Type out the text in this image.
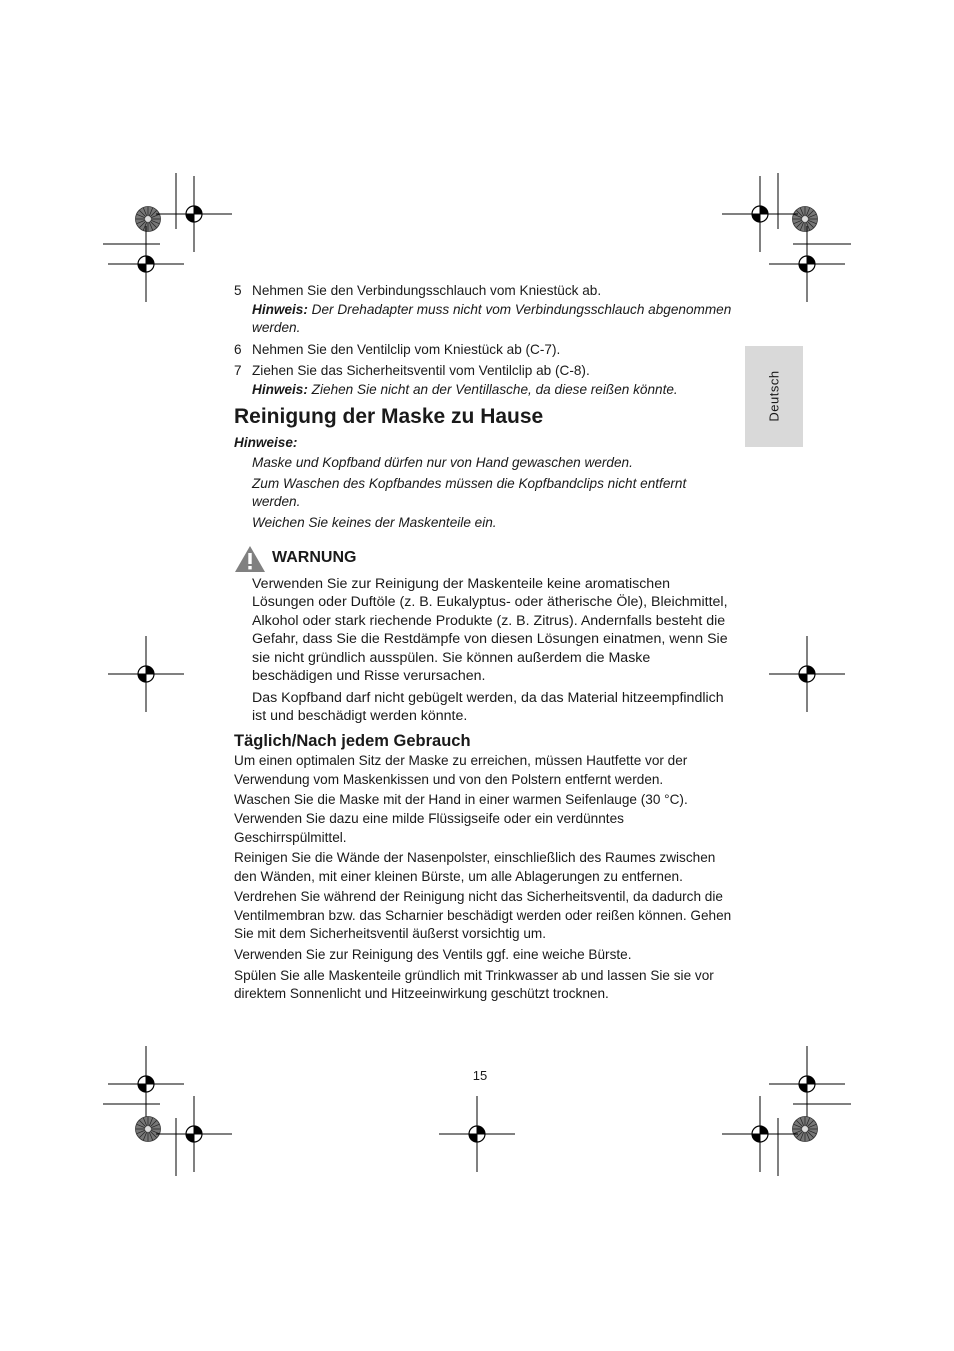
Deutsch
5 Nehmen Sie den Verbindungsschlauch vom Kniestück ab.
Hinweis: Der Drehadapter muss nicht vom Verbindungsschlauch abgenommen werden.
6 Nehmen Sie den Ventilclip vom Kniestück ab (C-7).
7 Ziehen Sie das Sicherheitsventil vom Ventilclip ab (C-8).
Hinweis: Ziehen Sie nicht an der Ventillasche, da diese reißen könnte.
Reinigung der Maske zu Hause
Hinweise:

Maske und Kopfband dürfen nur von Hand gewaschen werden.

Zum Waschen des Kopfbandes müssen die Kopfbandclips nicht entfernt werden.

Weichen Sie keines der Maskenteile ein.

WARNUNG

Verwenden Sie zur Reinigung der Maskenteile keine aromatischen Lösungen oder Duftöle (z. B. Eukalyptus- oder ätherische Öle), Bleichmittel, Alkohol oder stark riechende Produkte (z. B. Zitrus). Andernfalls besteht die Gefahr, dass Sie die Restdämpfe von diesen Lösungen einatmen, wenn Sie sie nicht gründlich ausspülen. Sie können außerdem die Maske beschädigen und Risse verursachen.

Das Kopfband darf nicht gebügelt werden, da das Material hitzeempfindlich ist und beschädigt werden könnte.

Täglich/Nach jedem Gebrauch

Um einen optimalen Sitz der Maske zu erreichen, müssen Hautfette vor der Verwendung vom Maskenkissen und von den Polstern entfernt werden.

Waschen Sie die Maske mit der Hand in einer warmen Seifenlauge (30 °C). Verwenden Sie dazu eine milde Flüssigseife oder ein verdünntes Geschirrspülmittel.

Reinigen Sie die Wände der Nasenpolster, einschließlich des Raumes zwischen den Wänden, mit einer kleinen Bürste, um alle Ablagerungen zu entfernen.

Verdrehen Sie während der Reinigung nicht das Sicherheitsventil, da dadurch die Ventilmembran bzw. das Scharnier beschädigt werden oder reißen können. Gehen Sie mit dem Sicherheitsventil äußerst vorsichtig um.

Verwenden Sie zur Reinigung des Ventils ggf. eine weiche Bürste.

Spülen Sie alle Maskenteile gründlich mit Trinkwasser ab und lassen Sie sie vor direktem Sonnenlicht und Hitzeeinwirkung geschützt trocknen.

15
